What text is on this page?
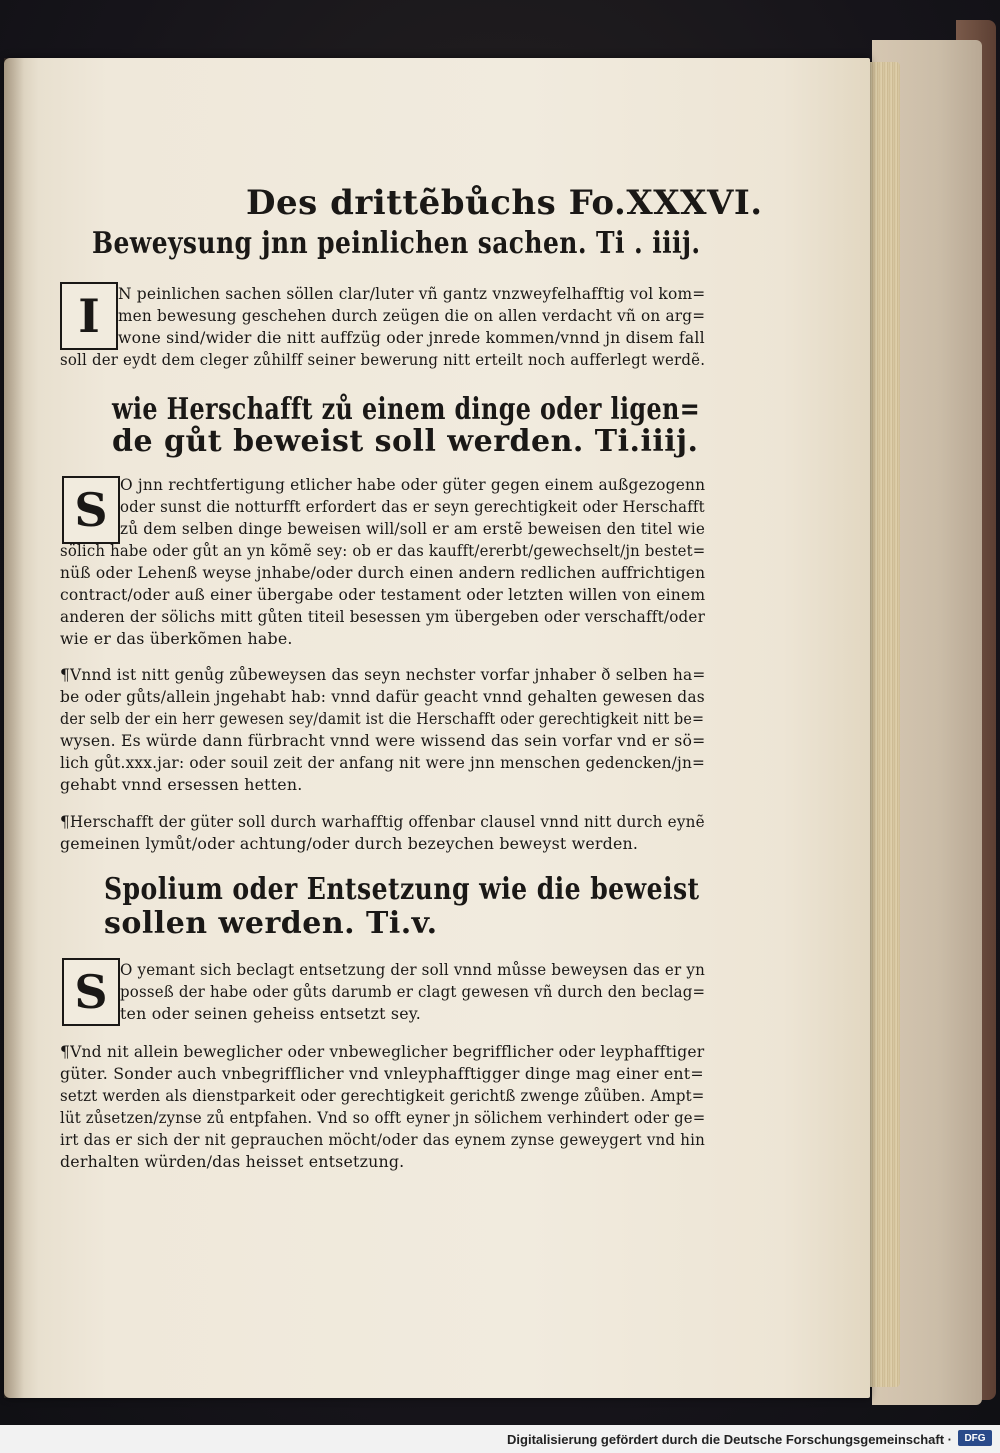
Des drittẽbůchs Fo.XXXVI.
Beweysung jnn peinlichen sachen. Ti . iiij.
I	N peinlichen sachen söllen clar/luter vñ gantz vnzweyfelhafftig vol kom=
men bewesung geschehen durch zeügen die on allen verdacht vñ on arg=
wone sind/wider die nitt auffzüg oder jnrede kommen/vnnd jn disem fall
soll der eydt dem cleger zůhilff seiner bewerung nitt erteilt noch aufferlegt werdẽ.
wie Herschafft zů einem dinge oder ligen=
de gůt beweist soll werden. Ti.iiij.
S O jnn rechtfertigung etlicher habe oder güter gegen einem außgezogenn
oder sunst die notturfft erfordert das er seyn gerechtigkeit oder Herschafft
zů dem selben dinge beweisen will/soll er am erstẽ beweisen den titel wie
sölich habe oder gůt an yn kõmẽ sey: ob er das kaufft/ererbt/gewechselt/jn bestet=
nüß oder Lehenß weyse jnhabe/oder durch einen andern redlichen auffrichtigen
contract/oder auß einer übergabe oder testament oder letzten willen von einem
anderen der sölichs mitt gůten titeil besessen ym übergeben oder verschafft/oder
wie er das überkõmen habe.
¶Vnnd ist nitt genůg zůbeweysen das seyn nechster vorfar jnhaber ð selben ha=
be oder gůts/allein jngehabt hab: vnnd dafür geacht vnnd gehalten gewesen das
der selb der ein herr gewesen sey/damit ist die Herschafft oder gerechtigkeit nitt be=
wysen. Es würde dann fürbracht vnnd were wissend das sein vorfar vnd er sö=
lich gůt.xxx.jar: oder souil zeit der anfang nit were jnn menschen gedencken/jn=
gehabt vnnd ersessen hetten.
¶Herschafft der güter soll durch warhafftig offenbar clausel vnnd nitt durch eynẽ
gemeinen lymůt/oder achtung/oder durch bezeychen beweyst werden.
Spolium oder Entsetzung wie die beweist
sollen werden. Ti.v.
S O yemant sich beclagt entsetzung der soll vnnd můsse beweysen das er yn
posseß der habe oder gůts darumb er clagt gewesen vñ durch den beclag=
ten oder seinen geheiss entsetzt sey.
¶Vnd nit allein beweglicher oder vnbeweglicher begrifflicher oder leyphafftiger
güter. Sonder auch vnbegrifflicher vnd vnleyphafftigger dinge mag einer ent=
setzt werden als dienstparkeit oder gerechtigkeit gerichtß zwenge zůüben. Ampt=
lüt zůsetzen/zynse zů entpfahen. Vnd so offt eyner jn sölichem verhindert oder ge=
irt das er sich der nit geprauchen möcht/oder das eynem zynse geweygert vnd hin
derhalten würden/das heisset entsetzung.
Digitalisierung gefördert durch die Deutsche Forschungsgemeinschaft ·	DFG
